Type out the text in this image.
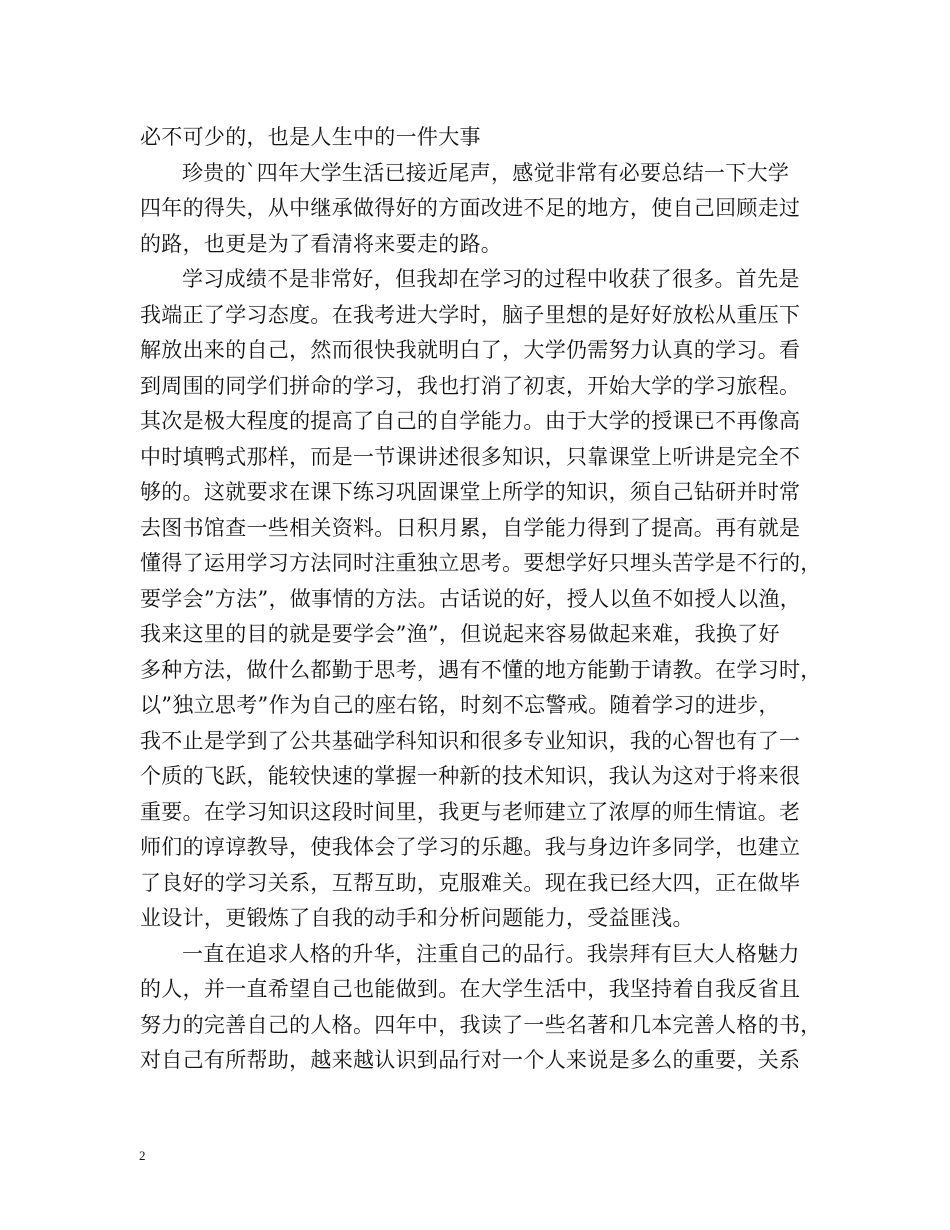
必不可少的，也是人生中的一件大事
珍贵的`四年大学生活已接近尾声，感觉非常有必要总结一下大学
四年的得失，从中继承做得好的方面改进不足的地方，使自己回顾走过
的路，也更是为了看清将来要走的路。
学习成绩不是非常好，但我却在学习的过程中收获了很多。首先是
我端正了学习态度。在我考进大学时，脑子里想的是好好放松从重压下
解放出来的自己，然而很快我就明白了，大学仍需努力认真的学习。看
到周围的同学们拼命的学习，我也打消了初衷，开始大学的学习旅程。
其次是极大程度的提高了自己的自学能力。由于大学的授课已不再像高
中时填鸭式那样，而是一节课讲述很多知识，只靠课堂上听讲是完全不
够的。这就要求在课下练习巩固课堂上所学的知识，须自己钻研并时常
去图书馆查一些相关资料。日积月累，自学能力得到了提高。再有就是
懂得了运用学习方法同时注重独立思考。要想学好只埋头苦学是不行的，
要学会”方法”，做事情的方法。古话说的好，授人以鱼不如授人以渔，
我来这里的目的就是要学会”渔”，但说起来容易做起来难，我换了好
多种方法，做什么都勤于思考，遇有不懂的地方能勤于请教。在学习时，
以”独立思考”作为自己的座右铭，时刻不忘警戒。随着学习的进步，
我不止是学到了公共基础学科知识和很多专业知识，我的心智也有了一
个质的飞跃，能较快速的掌握一种新的技术知识，我认为这对于将来很
重要。在学习知识这段时间里，我更与老师建立了浓厚的师生情谊。老
师们的谆谆教导，使我体会了学习的乐趣。我与身边许多同学，也建立
了良好的学习关系，互帮互助，克服难关。现在我已经大四，正在做毕
业设计，更锻炼了自我的动手和分析问题能力，受益匪浅。
一直在追求人格的升华，注重自己的品行。我崇拜有巨大人格魅力
的人，并一直希望自己也能做到。在大学生活中，我坚持着自我反省且
努力的完善自己的人格。四年中，我读了一些名著和几本完善人格的书，
对自己有所帮助，越来越认识到品行对一个人来说是多么的重要，关系
2
